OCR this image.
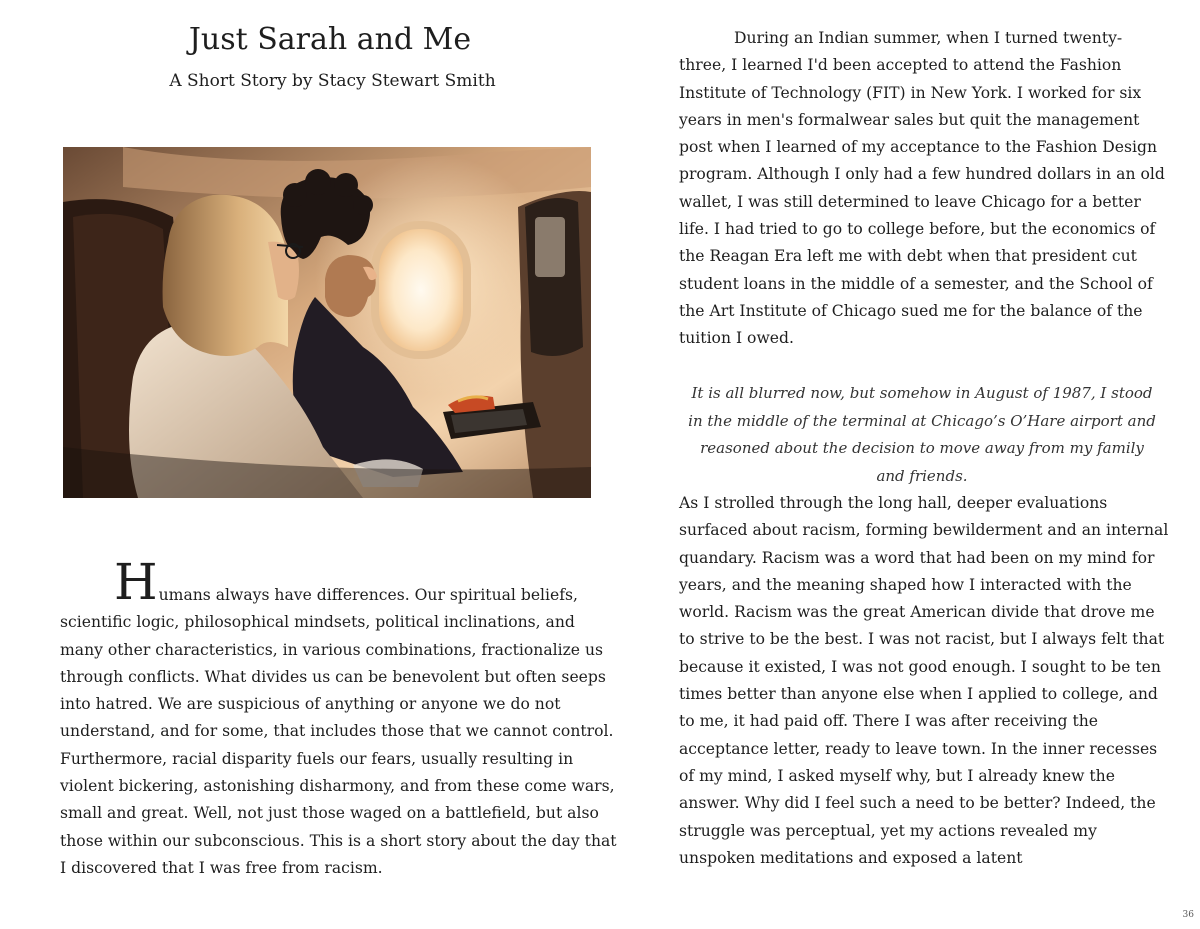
Just Sarah and Me

A Short Story by Stacy Stewart Smith

H umans always have differences. Our spiritual beliefs,
scientific logic, philosophical mindsets, political inclinations, and many other characteristics, in various combinations, fractionalize us through conflicts. What divides us can be benevolent but often seeps into hatred. We are suspicious of anything or anyone we do not understand, and for some, that includes those that we cannot control. Furthermore, racial disparity fuels our fears, usually resulting in violent bickering, astonishing disharmony, and from these come wars, small and great. Well, not just those waged on a battlefield, but also those within our subconscious. This is a short story about the day that I discovered that I was free from racism.

During an Indian summer, when I turned twenty-three, I learned I'd been accepted to attend the Fashion Institute of Technology (FIT) in New York. I worked for six years in men's formalwear sales but quit the management post when I learned of my acceptance to the Fashion Design program. Although I only had a few hundred dollars in an old wallet, I was still determined to leave Chicago for a better life. I had tried to go to college before, but the economics of the Reagan Era left me with debt when that president cut student loans in the middle of a semester, and the School of the Art Institute of Chicago sued me for the balance of the tuition I owed.

It is all blurred now, but somehow in August of 1987, I stood in the middle of the terminal at Chicago’s O’Hare airport and reasoned about the decision to move away from my family and friends.

As I strolled through the long hall, deeper evaluations surfaced about racism, forming bewilderment and an internal quandary. Racism was a word that had been on my mind for years, and the meaning shaped how I interacted with the world. Racism was the great American divide that drove me to strive to be the best. I was not racist, but I always felt that because it existed, I was not good enough. I sought to be ten times better than anyone else when I applied to college, and to me, it had paid off. There I was after receiving the acceptance letter, ready to leave town. In the inner recesses of my mind, I asked myself why, but I already knew the answer. Why did I feel such a need to be better? Indeed, the struggle was perceptual, yet my actions revealed my unspoken meditations and exposed a latent

36
